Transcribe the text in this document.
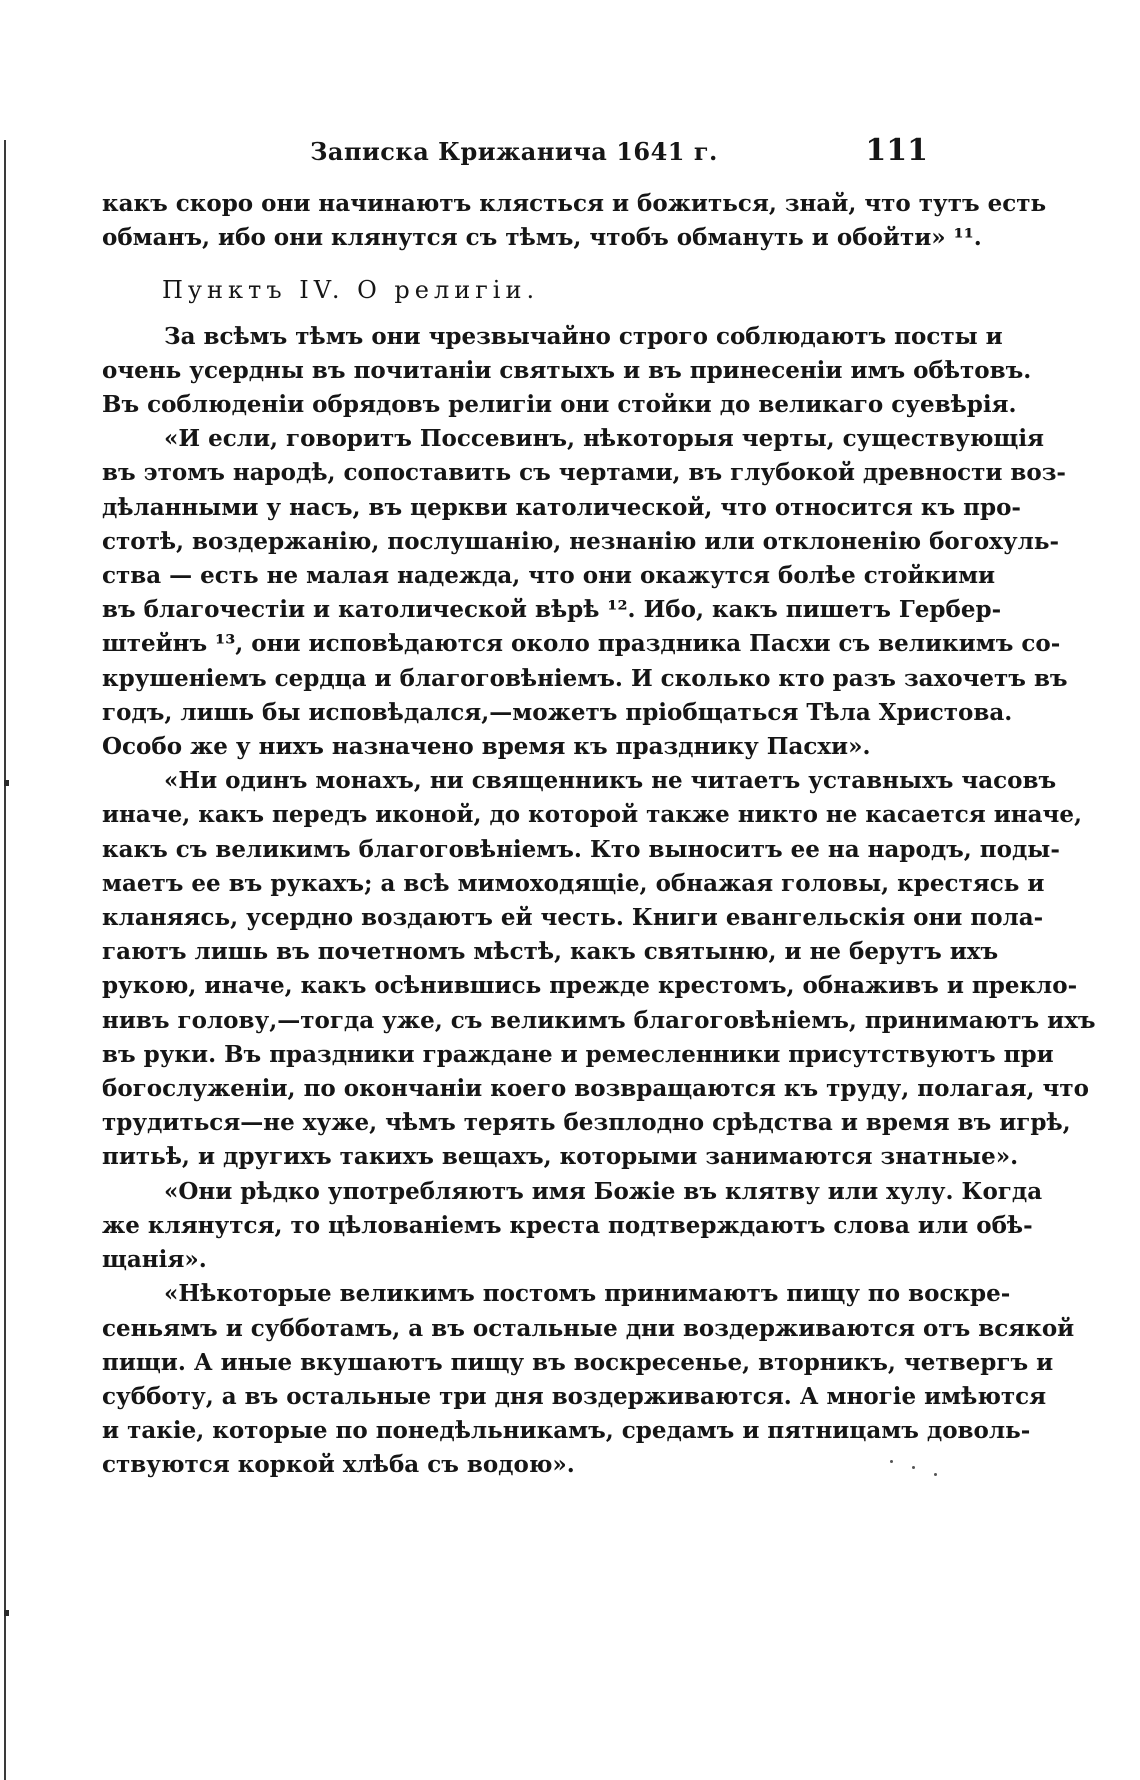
Записка Крижанича 1641 г.	111

какъ скоро они начинаютъ клясться и божиться, знай, что тутъ есть
обманъ, ибо они клянутся съ тѣмъ, чтобъ обмануть и обойти» ¹¹.

Пунктъ IV. О религіи.

За всѣмъ тѣмъ они чрезвычайно строго соблюдаютъ посты и
очень усердны въ почитаніи святыхъ и въ принесеніи имъ обѣтовъ.
Въ соблюденіи обрядовъ религіи они стойки до великаго суевѣрія.

«И если, говоритъ Поссевинъ, нѣкоторыя черты, существующія
въ этомъ народѣ, сопоставить съ чертами, въ глубокой древности воз-
дѣланными у насъ, въ церкви католической, что относится къ про-
стотѣ, воздержанію, послушанію, незнанію или отклоненію богохуль-
ства — есть не малая надежда, что они окажутся болѣе стойкими
въ благочестіи и католической вѣрѣ ¹². Ибо, какъ пишетъ Гербер-
штейнъ ¹³, они исповѣдаются около праздника Пасхи съ великимъ со-
крушеніемъ сердца и благоговѣніемъ. И сколько кто разъ захочетъ въ
годъ, лишь бы исповѣдался,—можетъ пріобщаться Тѣла Христова.
Особо же у нихъ назначено время къ празднику Пасхи».

«Ни одинъ монахъ, ни священникъ не читаетъ уставныхъ часовъ
иначе, какъ передъ иконой, до которой также никто не касается иначе,
какъ съ великимъ благоговѣніемъ. Кто выноситъ ее на народъ, поды-
маетъ ее въ рукахъ; а всѣ мимоходящіе, обнажая головы, крестясь и
кланяясь, усердно воздаютъ ей честь. Книги евангельскія они пола-
гаютъ лишь въ почетномъ мѣстѣ, какъ святыню, и не берутъ ихъ
рукою, иначе, какъ осѣнившись прежде крестомъ, обнаживъ и прекло-
нивъ голову,—тогда уже, съ великимъ благоговѣніемъ, принимаютъ ихъ
въ руки. Въ праздники граждане и ремесленники присутствуютъ при
богослуженіи, по окончаніи коего возвращаются къ труду, полагая, что
трудиться—не хуже, чѣмъ терять безплодно срѣдства и время въ игрѣ,
питьѣ, и другихъ такихъ вещахъ, которыми занимаются знатные».

«Они рѣдко употребляютъ имя Божіе въ клятву или хулу. Когда
же клянутся, то цѣлованіемъ креста подтверждаютъ слова или обѣ-
щанія».

«Нѣкоторые великимъ постомъ принимаютъ пищу по воскре-
сеньямъ и субботамъ, а въ остальные дни воздерживаются отъ всякой
пищи. А иные вкушаютъ пищу въ воскресенье, вторникъ, четвергъ и
субботу, а въ остальные три дня воздерживаются. А многіе имѣются
и такіе, которые по понедѣльникамъ, средамъ и пятницамъ доволь-
ствуются коркой хлѣба съ водою».
